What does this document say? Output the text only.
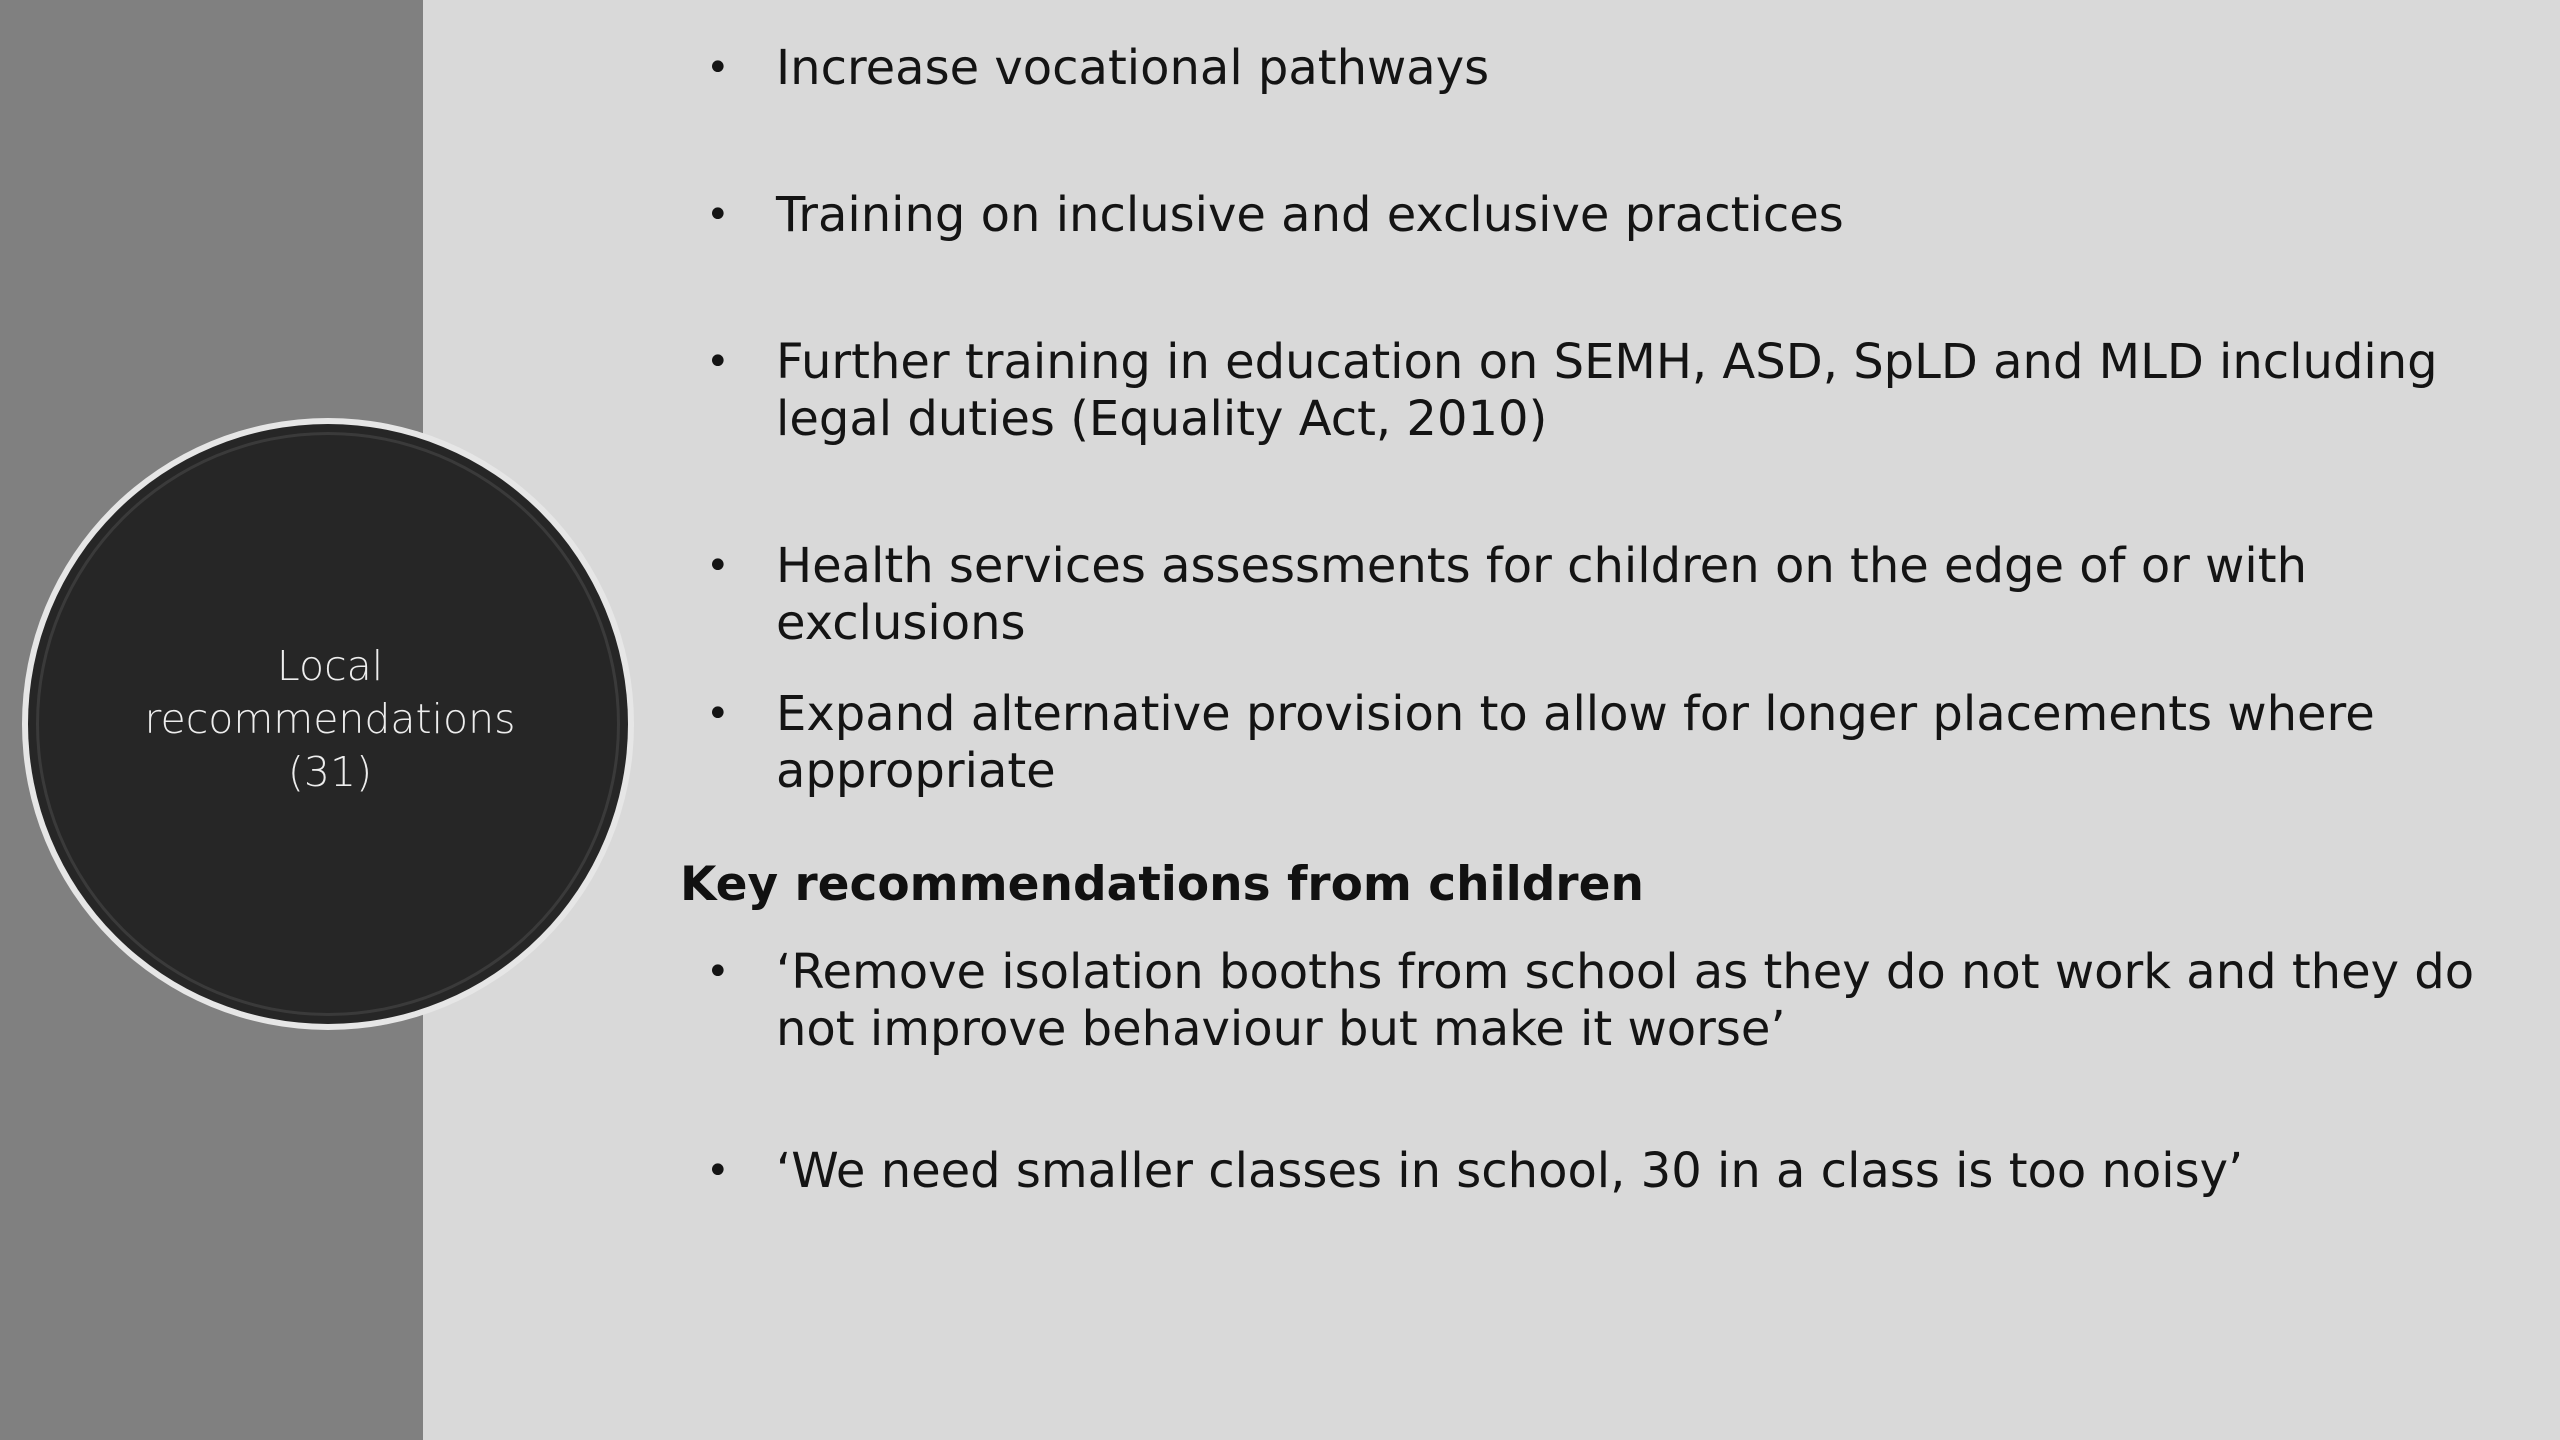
Local
recommendations
(31)
• Increase vocational pathways
• Training on inclusive and exclusive practices
• Further training in education on SEMH, ASD, SpLD and MLD including legal duties (Equality Act, 2010)
• Health services assessments for children on the edge of or with exclusions
• Expand alternative provision to allow for longer placements where appropriate
Key recommendations from children
• ‘Remove isolation booths from school as they do not work and they do not improve behaviour but make it worse’
• ‘We need smaller classes in school, 30 in a class is too noisy’
